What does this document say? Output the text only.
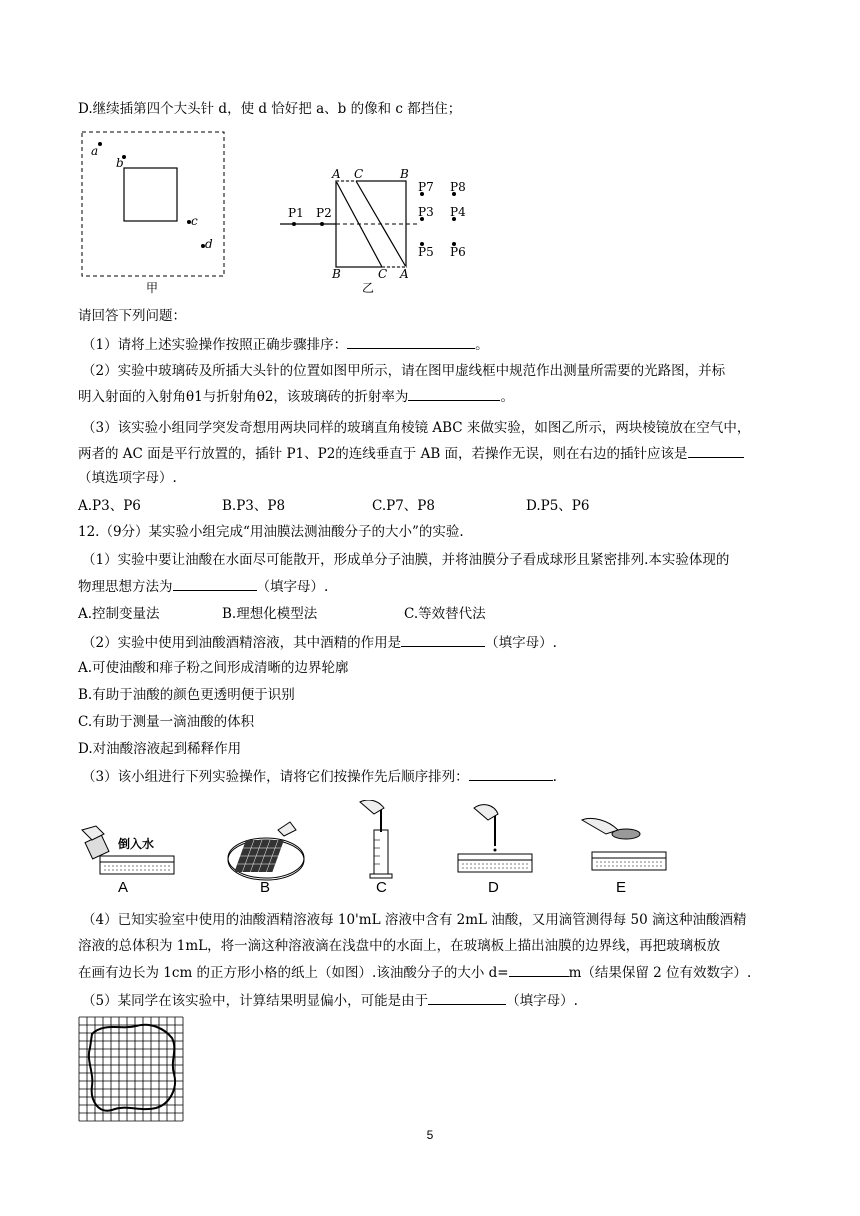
D.继续插第四个大头针 d，使 d 恰好把 a、b 的像和 c 都挡住；
a
b
c
d
甲
P1 P2
A C	B
B	C A
P7 P8
P3 P4
P5 P6
乙
请回答下列问题：
（1）请将上述实验操作按照正确步骤排序：	。
（2）实验中玻璃砖及所插大头针的位置如图甲所示，请在图甲虚线框中规范作出测量所需要的光路图，并标
明入射面的入射角θ1与折射角θ2，该玻璃砖的折射率为	。
（3）该实验小组同学突发奇想用两块同样的玻璃直角棱镜 ABC 来做实验，如图乙所示，两块棱镜放在空气中，
两者的 AC 面是平行放置的，插针 P1、P2的连线垂直于 AB 面，若操作无误，则在右边的插针应该是
（填选项字母）.
A.P3、P6	B.P3、P8	C.P7、P8	D.P5、P6
12.（9分）某实验小组完成“用油膜法测油酸分子的大小”的实验.
（1）实验中要让油酸在水面尽可能散开，形成单分子油膜，并将油膜分子看成球形且紧密排列.本实验体现的
物理思想方法为	（填字母）.
A.控制变量法	B.理想化模型法	C.等效替代法
（2）实验中使用到油酸酒精溶液，其中酒精的作用是	（填字母）.
A.可使油酸和痱子粉之间形成清晰的边界轮廓
B.有助于油酸的颜色更透明便于识别
C.有助于测量一滴油酸的体积
D.对油酸溶液起到稀释作用
（3）该小组进行下列实验操作，请将它们按操作先后顺序排列：	.
倒入水
A	B	C	D	E
（4）已知实验室中使用的油酸酒精溶液每 10'mL 溶液中含有 2mL 油酸，又用滴管测得每 50 滴这种油酸酒精
溶液的总体积为 1mL，将一滴这种溶液滴在浅盘中的水面上，在玻璃板上描出油膜的边界线，再把玻璃板放
在画有边长为 1cm 的正方形小格的纸上（如图）.该油酸分子的大小 d=	m（结果保留 2 位有效数字）.
（5）某同学在该实验中，计算结果明显偏小，可能是由于	（填字母）.
5
